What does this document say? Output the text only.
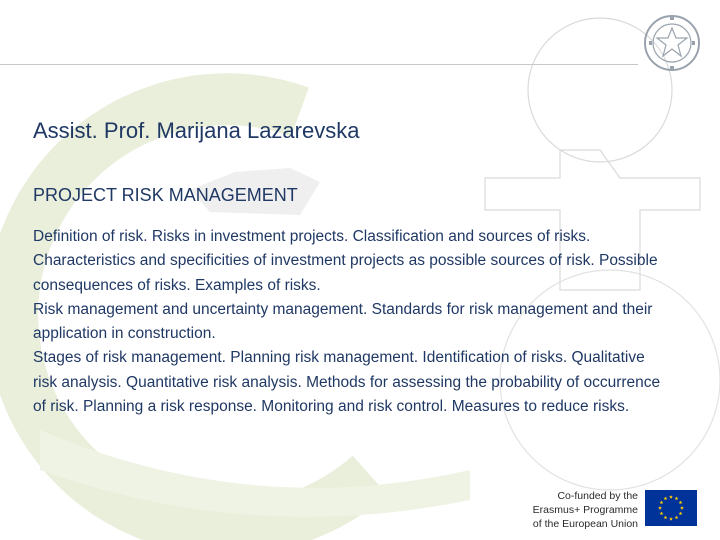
Assist. Prof. Marijana Lazarevska
PROJECT RISK MANAGEMENT

Definition of risk. Risks in investment projects. Classification and sources of risks. Characteristics and specificities of investment projects as possible sources of risk. Possible consequences of risks. Examples of risks.

Risk management and uncertainty management. Standards for risk management and their application in construction.

Stages of risk management. Planning risk management. Identification of risks. Qualitative risk analysis. Quantitative risk analysis. Methods for assessing the probability of occurrence of risk. Planning a risk response. Monitoring and risk control. Measures to reduce risks.

Co-funded by the
Erasmus+ Programme
of the European Union
